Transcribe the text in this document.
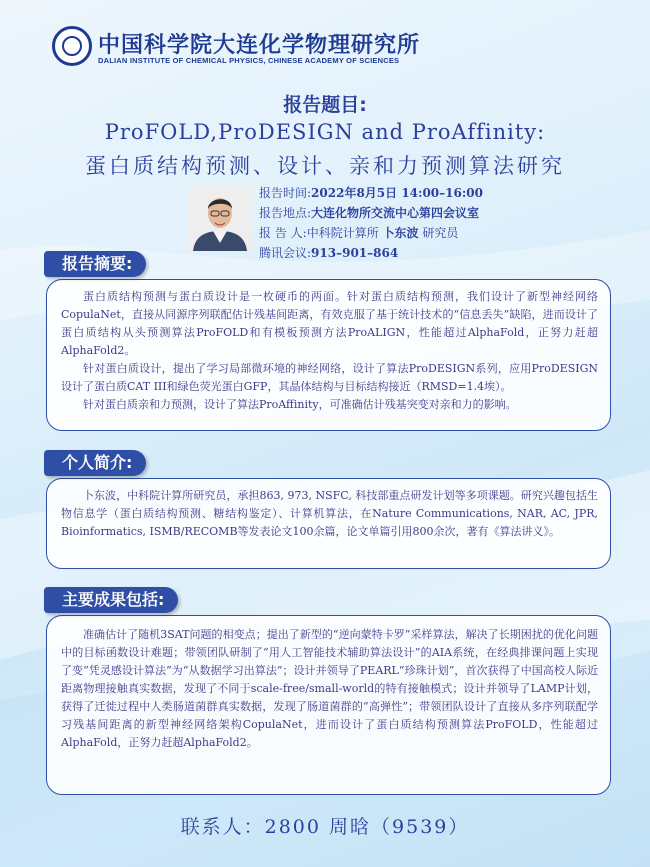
中国科学院大连化学物理研究所
DALIAN INSTITUTE OF CHEMICAL PHYSICS, CHINESE ACADEMY OF SCIENCES
报告题目:
ProFOLD,ProDESIGN and ProAffinity:
蛋白质结构预测、设计、亲和力预测算法研究
报告时间:2022年8月5日 14:00–16:00
报告地点:大连化物所交流中心第四会议室
报 告 人:中科院计算所 卜东波 研究员
腾讯会议:913–901–864

蛋白质结构预测与蛋白质设计是一枚硬币的两面。针对蛋白质结构预测，我们设计了新型神经网络CopulaNet，直接从同源序列联配估计残基间距离，有效克服了基于统计技术的“信息丢失”缺陷，进而设计了蛋白质结构从头预测算法ProFOLD和有模板预测方法ProALIGN，性能超过AlphaFold，正努力赶超AlphaFold2。

针对蛋白质设计，提出了学习局部微环境的神经网络，设计了算法ProDESIGN系列，应用ProDESIGN设计了蛋白质CAT III和绿色荧光蛋白GFP，其晶体结构与目标结构接近（RMSD=1.4埃）。

针对蛋白质亲和力预测，设计了算法ProAffinity，可准确估计残基突变对亲和力的影响。

报告摘要:

卜东波，中科院计算所研究员，承担863, 973, NSFC, 科技部重点研发计划等多项课题。研究兴趣包括生物信息学（蛋白质结构预测、糖结构鉴定）、计算机算法，在Nature Communications, NAR, AC, JPR, Bioinformatics, ISMB/RECOMB等发表论文100余篇，论文单篇引用800余次，著有《算法讲义》。

个人简介:

准确估计了随机3SAT问题的相变点；提出了新型的“逆向蒙特卡罗”采样算法，解决了长期困扰的优化问题中的目标函数设计难题；带领团队研制了“用人工智能技术辅助算法设计”的AIA系统，在经典排课问题上实现了变“凭灵感设计算法”为“从数据学习出算法”；设计并领导了PEARL“珍珠计划”，首次获得了中国高校人际近距离物理接触真实数据，发现了不同于scale-free/small-world的特有接触模式；设计并领导了LAMP计划，获得了迁徙过程中人类肠道菌群真实数据，发现了肠道菌群的“高弹性”；带领团队设计了直接从多序列联配学习残基间距离的新型神经网络架构CopulaNet，进而设计了蛋白质结构预测算法ProFOLD，性能超过AlphaFold，正努力赶超AlphaFold2。

主要成果包括:
联系人：2800 周晗（9539）
